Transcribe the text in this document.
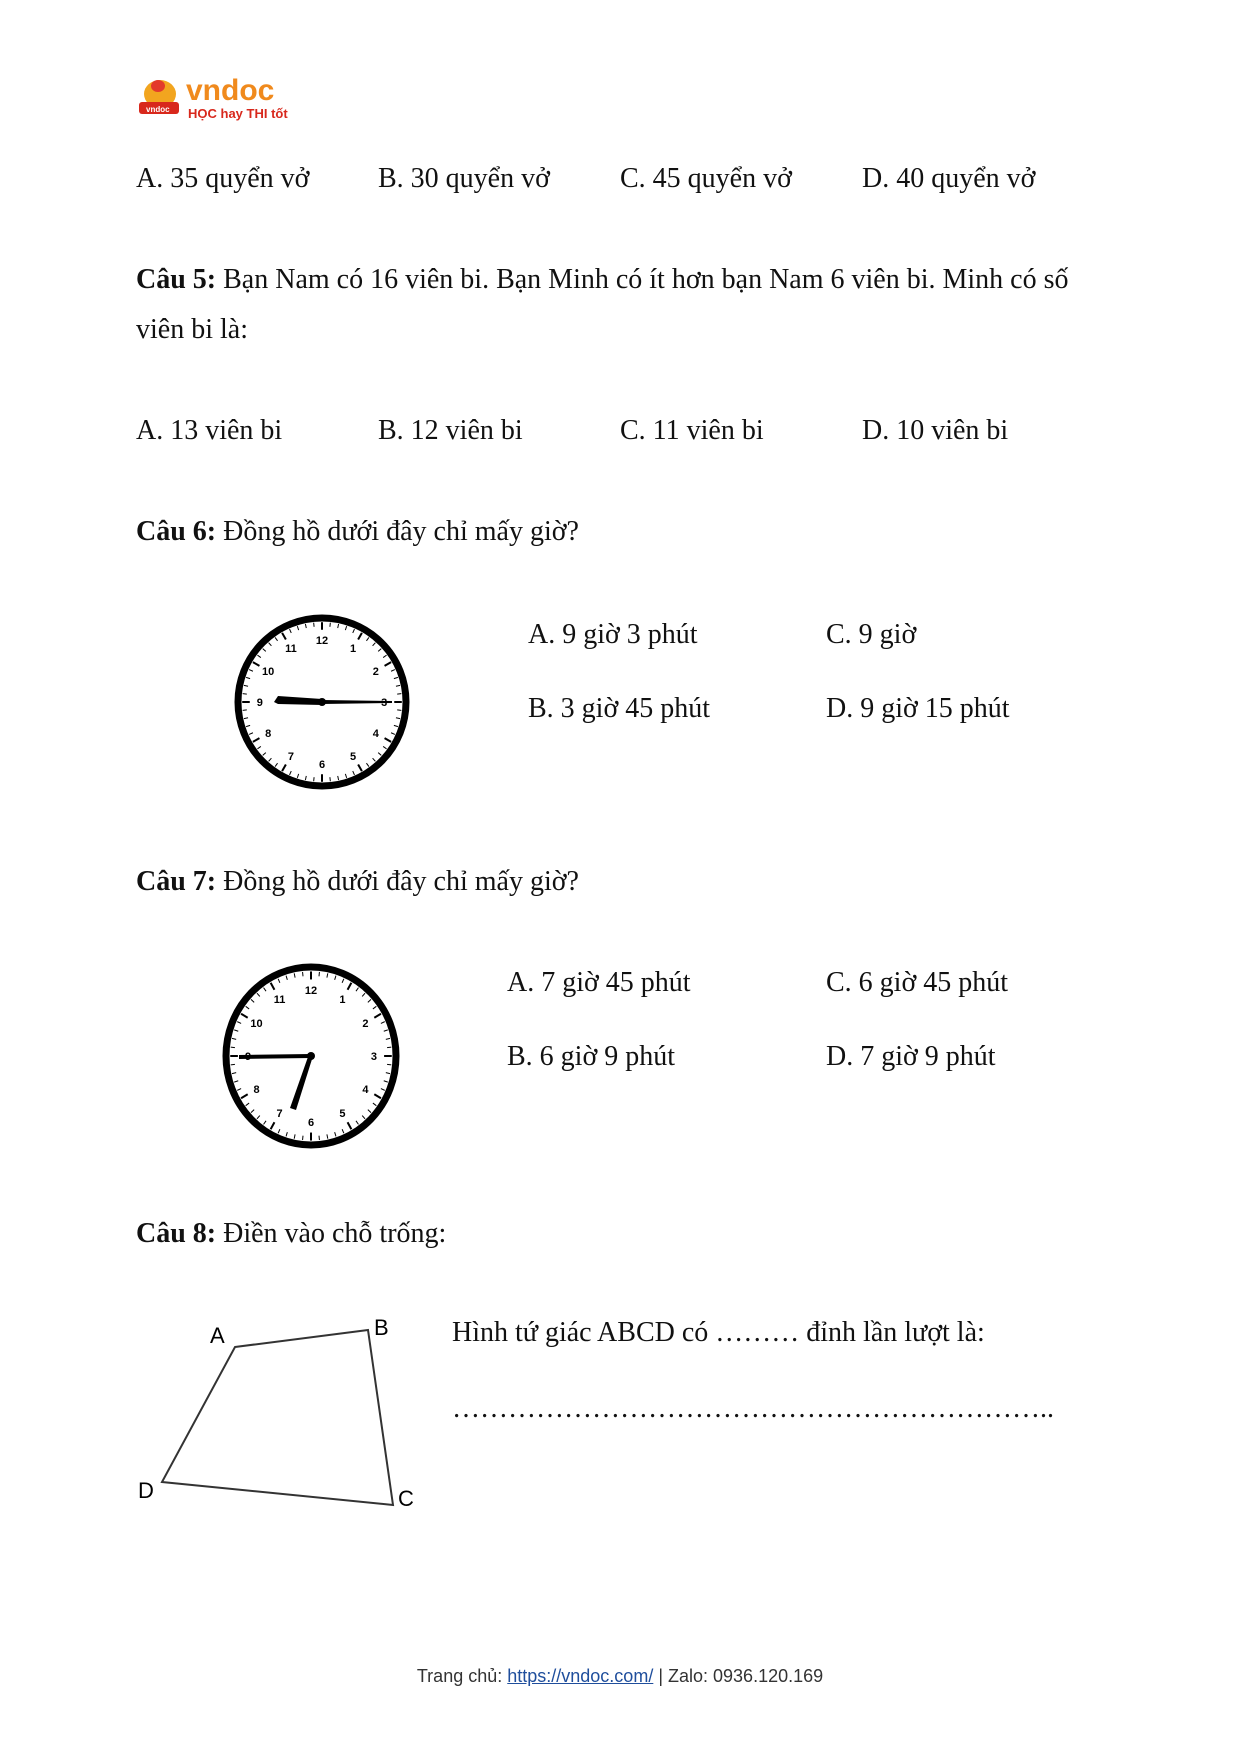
vndoc
vndoc
HỌC hay THI tốt
A. 35 quyển vở B. 30 quyển vở	C. 45 quyển vở	D. 40 quyển vở
Câu 5: Bạn Nam có 16 viên bi. Bạn Minh có ít hơn bạn Nam 6 viên bi. Minh có số
viên bi là:
A. 13 viên bi	B. 12 viên bi	C. 11 viên bi	D. 10 viên bi
Câu 6: Đồng hồ dưới đây chỉ mấy giờ?
12
1
2
4
5
6
7
8
9
10
11	A. 9 giờ 3 phút	C. 9 giờ
B. 3 giờ 45 phút	D. 9 giờ 15 phút
Câu 7: Đồng hồ dưới đây chỉ mấy giờ?
12
1
2
3
4
5
6
7
8
10
11
A. 7 giờ 45 phút	C. 6 giờ 45 phút
B. 6 giờ 9 phút	D. 7 giờ 9 phút
Câu 8: Điền vào chỗ trống:
A	B
C
D
Hình tứ giác ABCD có ……… đỉnh lần lượt là:
………………………………………………………..
Trang chủ: https://vndoc.com/ | Zalo: 0936.120.169
